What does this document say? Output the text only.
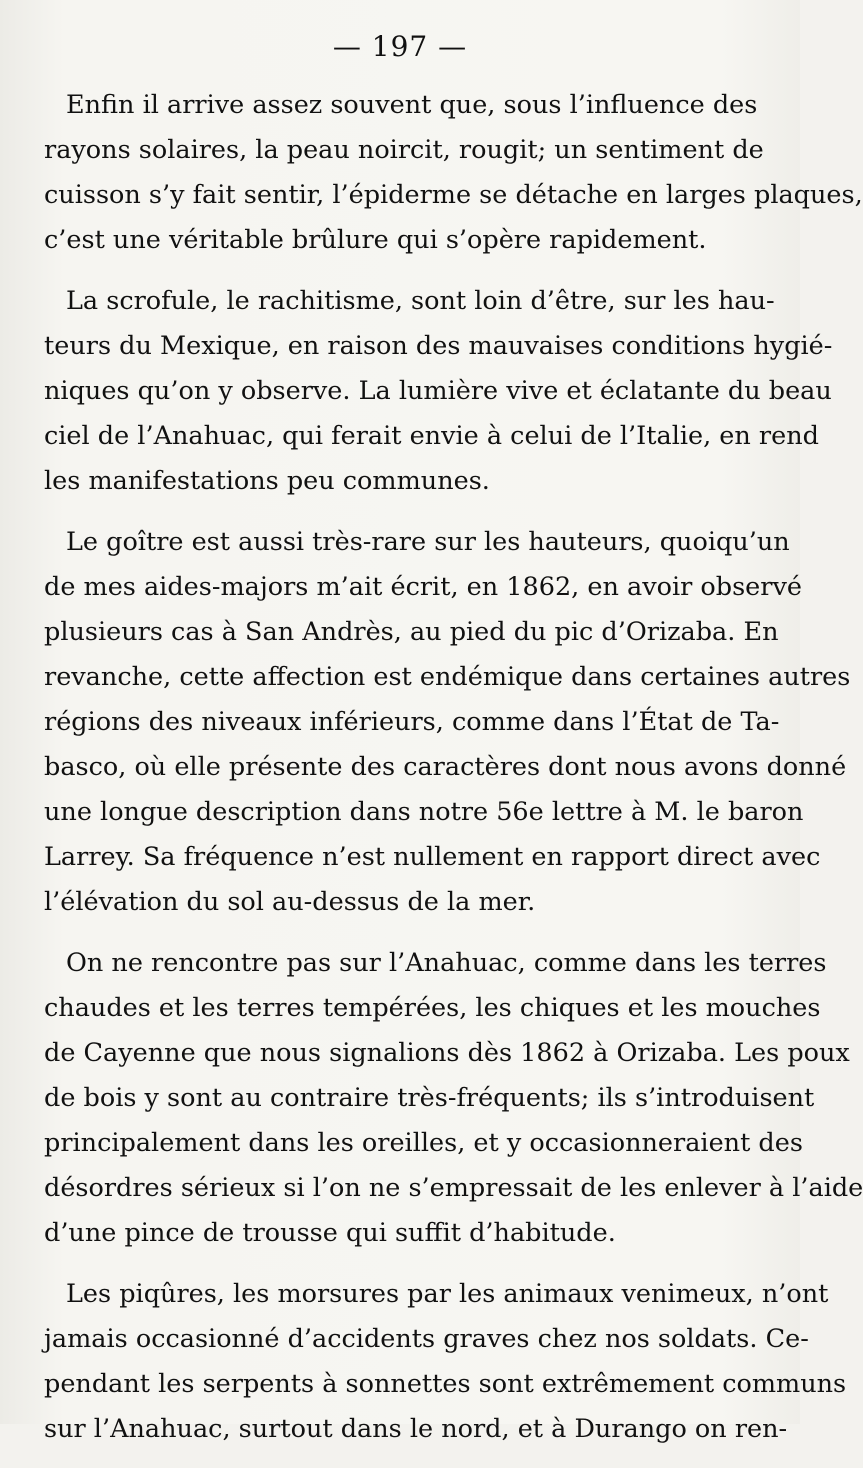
— 197 —
Enfin il arrive assez souvent que, sous l’influence des
rayons solaires, la peau noircit, rougit; un sentiment de
cuisson s’y fait sentir, l’épiderme se détache en larges plaques,
c’est une véritable brûlure qui s’opère rapidement.
La scrofule, le rachitisme, sont loin d’être, sur les hau-
teurs du Mexique, en raison des mauvaises conditions hygié-
niques qu’on y observe. La lumière vive et éclatante du beau
ciel de l’Anahuac, qui ferait envie à celui de l’Italie, en rend
les manifestations peu communes.
Le goître est aussi très-rare sur les hauteurs, quoiqu’un
de mes aides-majors m’ait écrit, en 1862, en avoir observé
plusieurs cas à San Andrès, au pied du pic d’Orizaba. En
revanche, cette affection est endémique dans certaines autres
régions des niveaux inférieurs, comme dans l’État de Ta-
basco, où elle présente des caractères dont nous avons donné
une longue description dans notre 56e lettre à M. le baron
Larrey. Sa fréquence n’est nullement en rapport direct avec
l’élévation du sol au-dessus de la mer.
On ne rencontre pas sur l’Anahuac, comme dans les terres
chaudes et les terres tempérées, les chiques et les mouches
de Cayenne que nous signalions dès 1862 à Orizaba. Les poux
de bois y sont au contraire très-fréquents; ils s’introduisent
principalement dans les oreilles, et y occasionneraient des
désordres sérieux si l’on ne s’empressait de les enlever à l’aide
d’une pince de trousse qui suffit d’habitude.
Les piqûres, les morsures par les animaux venimeux, n’ont
jamais occasionné d’accidents graves chez nos soldats. Ce-
pendant les serpents à sonnettes sont extrêmement communs
sur l’Anahuac, surtout dans le nord, et à Durango on ren-
